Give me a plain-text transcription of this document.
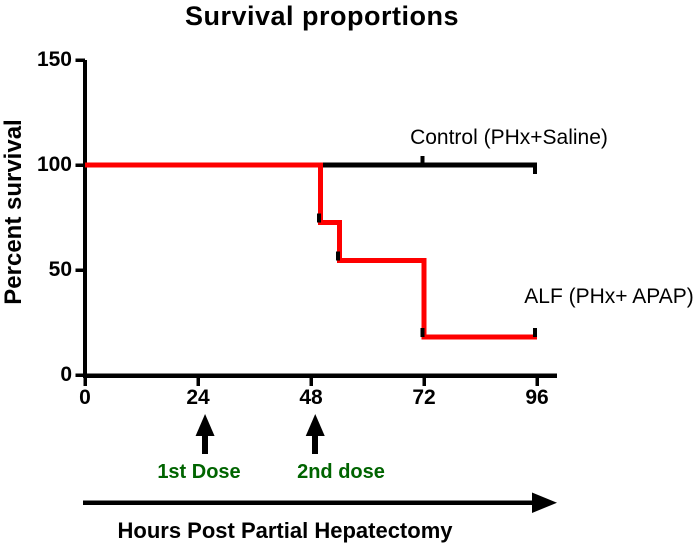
Survival proportions
Percent survival
0
50
100
150
0	24	48	72	96
Control (PHx+Saline)
ALF (PHx+ APAP)
1st Dose	2nd dose
Hours Post Partial Hepatectomy
